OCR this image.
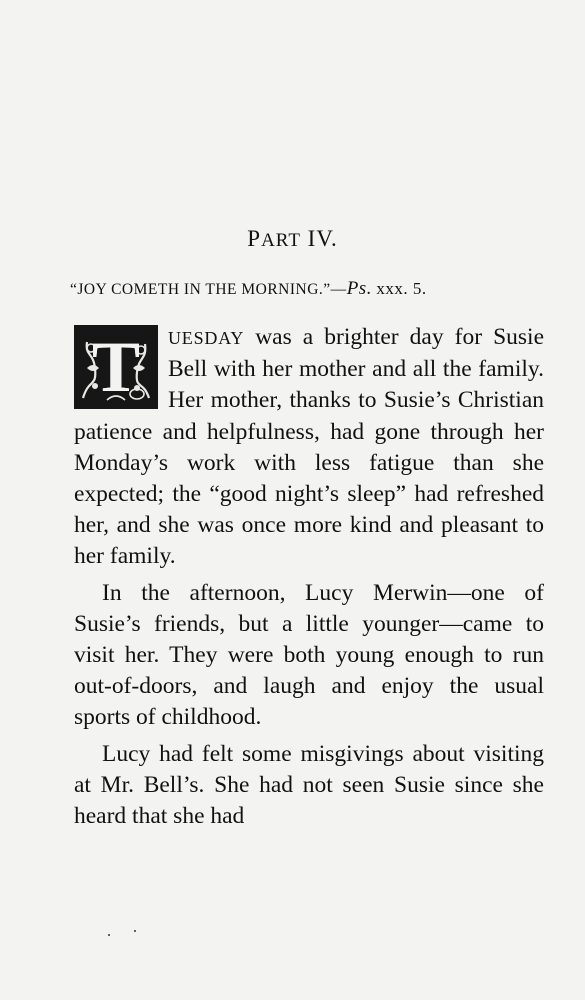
PART IV.

“JOY COMETH IN THE MORNING.”—Ps. xxx. 5.

T	UESDAY was a brighter day for Susie Bell with her mother and all the family. Her mother, thanks to Susie’s Christian patience and helpfulness, had gone through her Monday’s work with less fatigue than she expected; the “good night’s sleep” had refreshed her, and she was once more kind and pleasant to her family.

In the afternoon, Lucy Merwin—one of Susie’s friends, but a little younger—came to visit her. They were both young enough to run out-of-doors, and laugh and enjoy the usual sports of childhood.

Lucy had felt some misgivings about visiting at Mr. Bell’s. She had not seen Susie since she heard that she had
